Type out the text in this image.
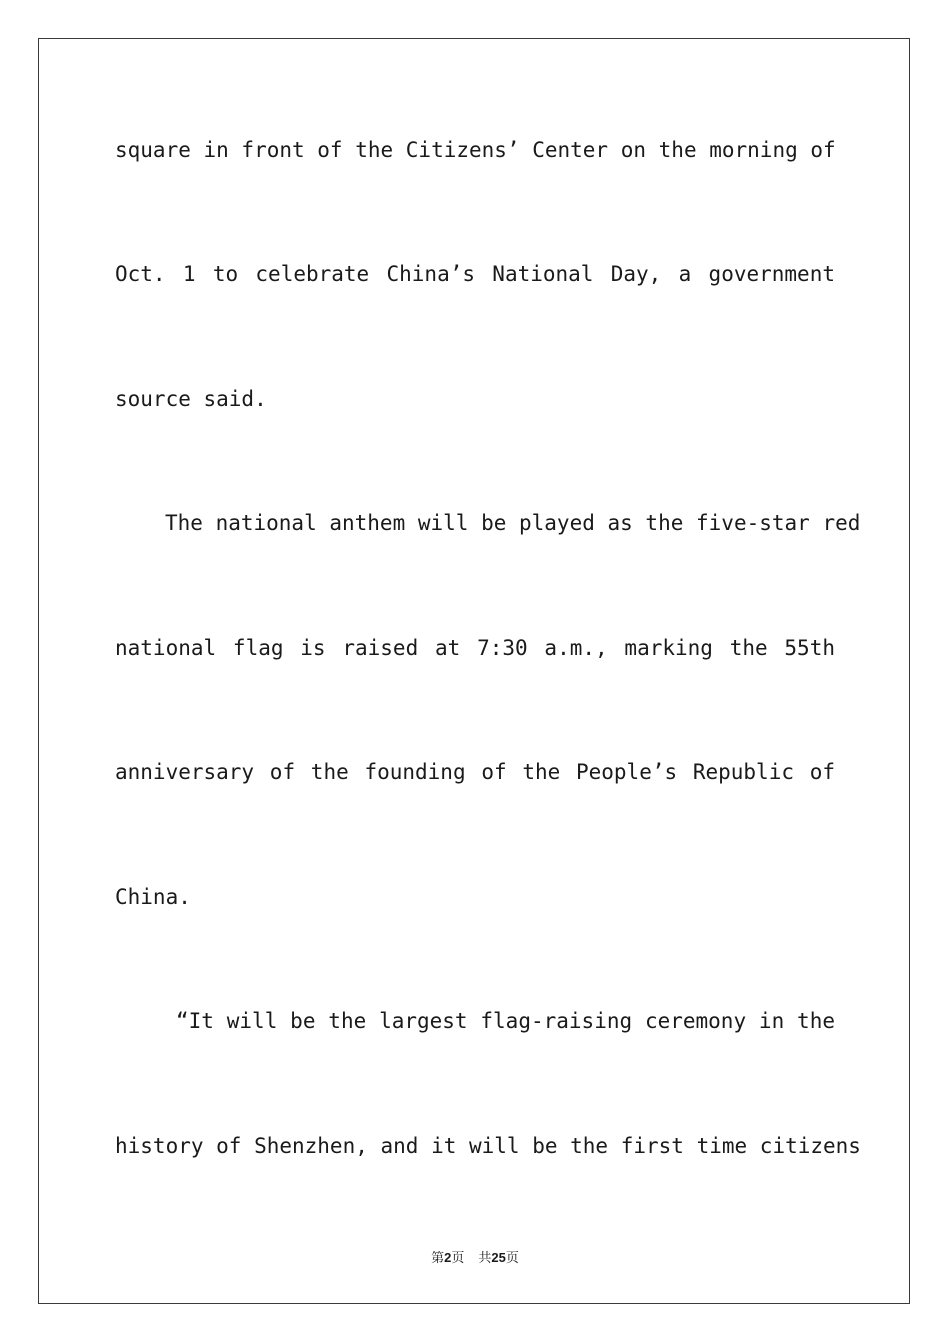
square in front of the Citizens’ Center on the morning of
Oct. 1 to celebrate China’s National Day, a government
source said.
The national anthem will be played as the five-star red
national flag is raised at 7:30 a.m., marking the 55th
anniversary of the founding of the People’s Republic of
China.
“It will be the largest flag-raising ceremony in the
history of Shenzhen, and it will be the first time citizens
第2页 共25页
